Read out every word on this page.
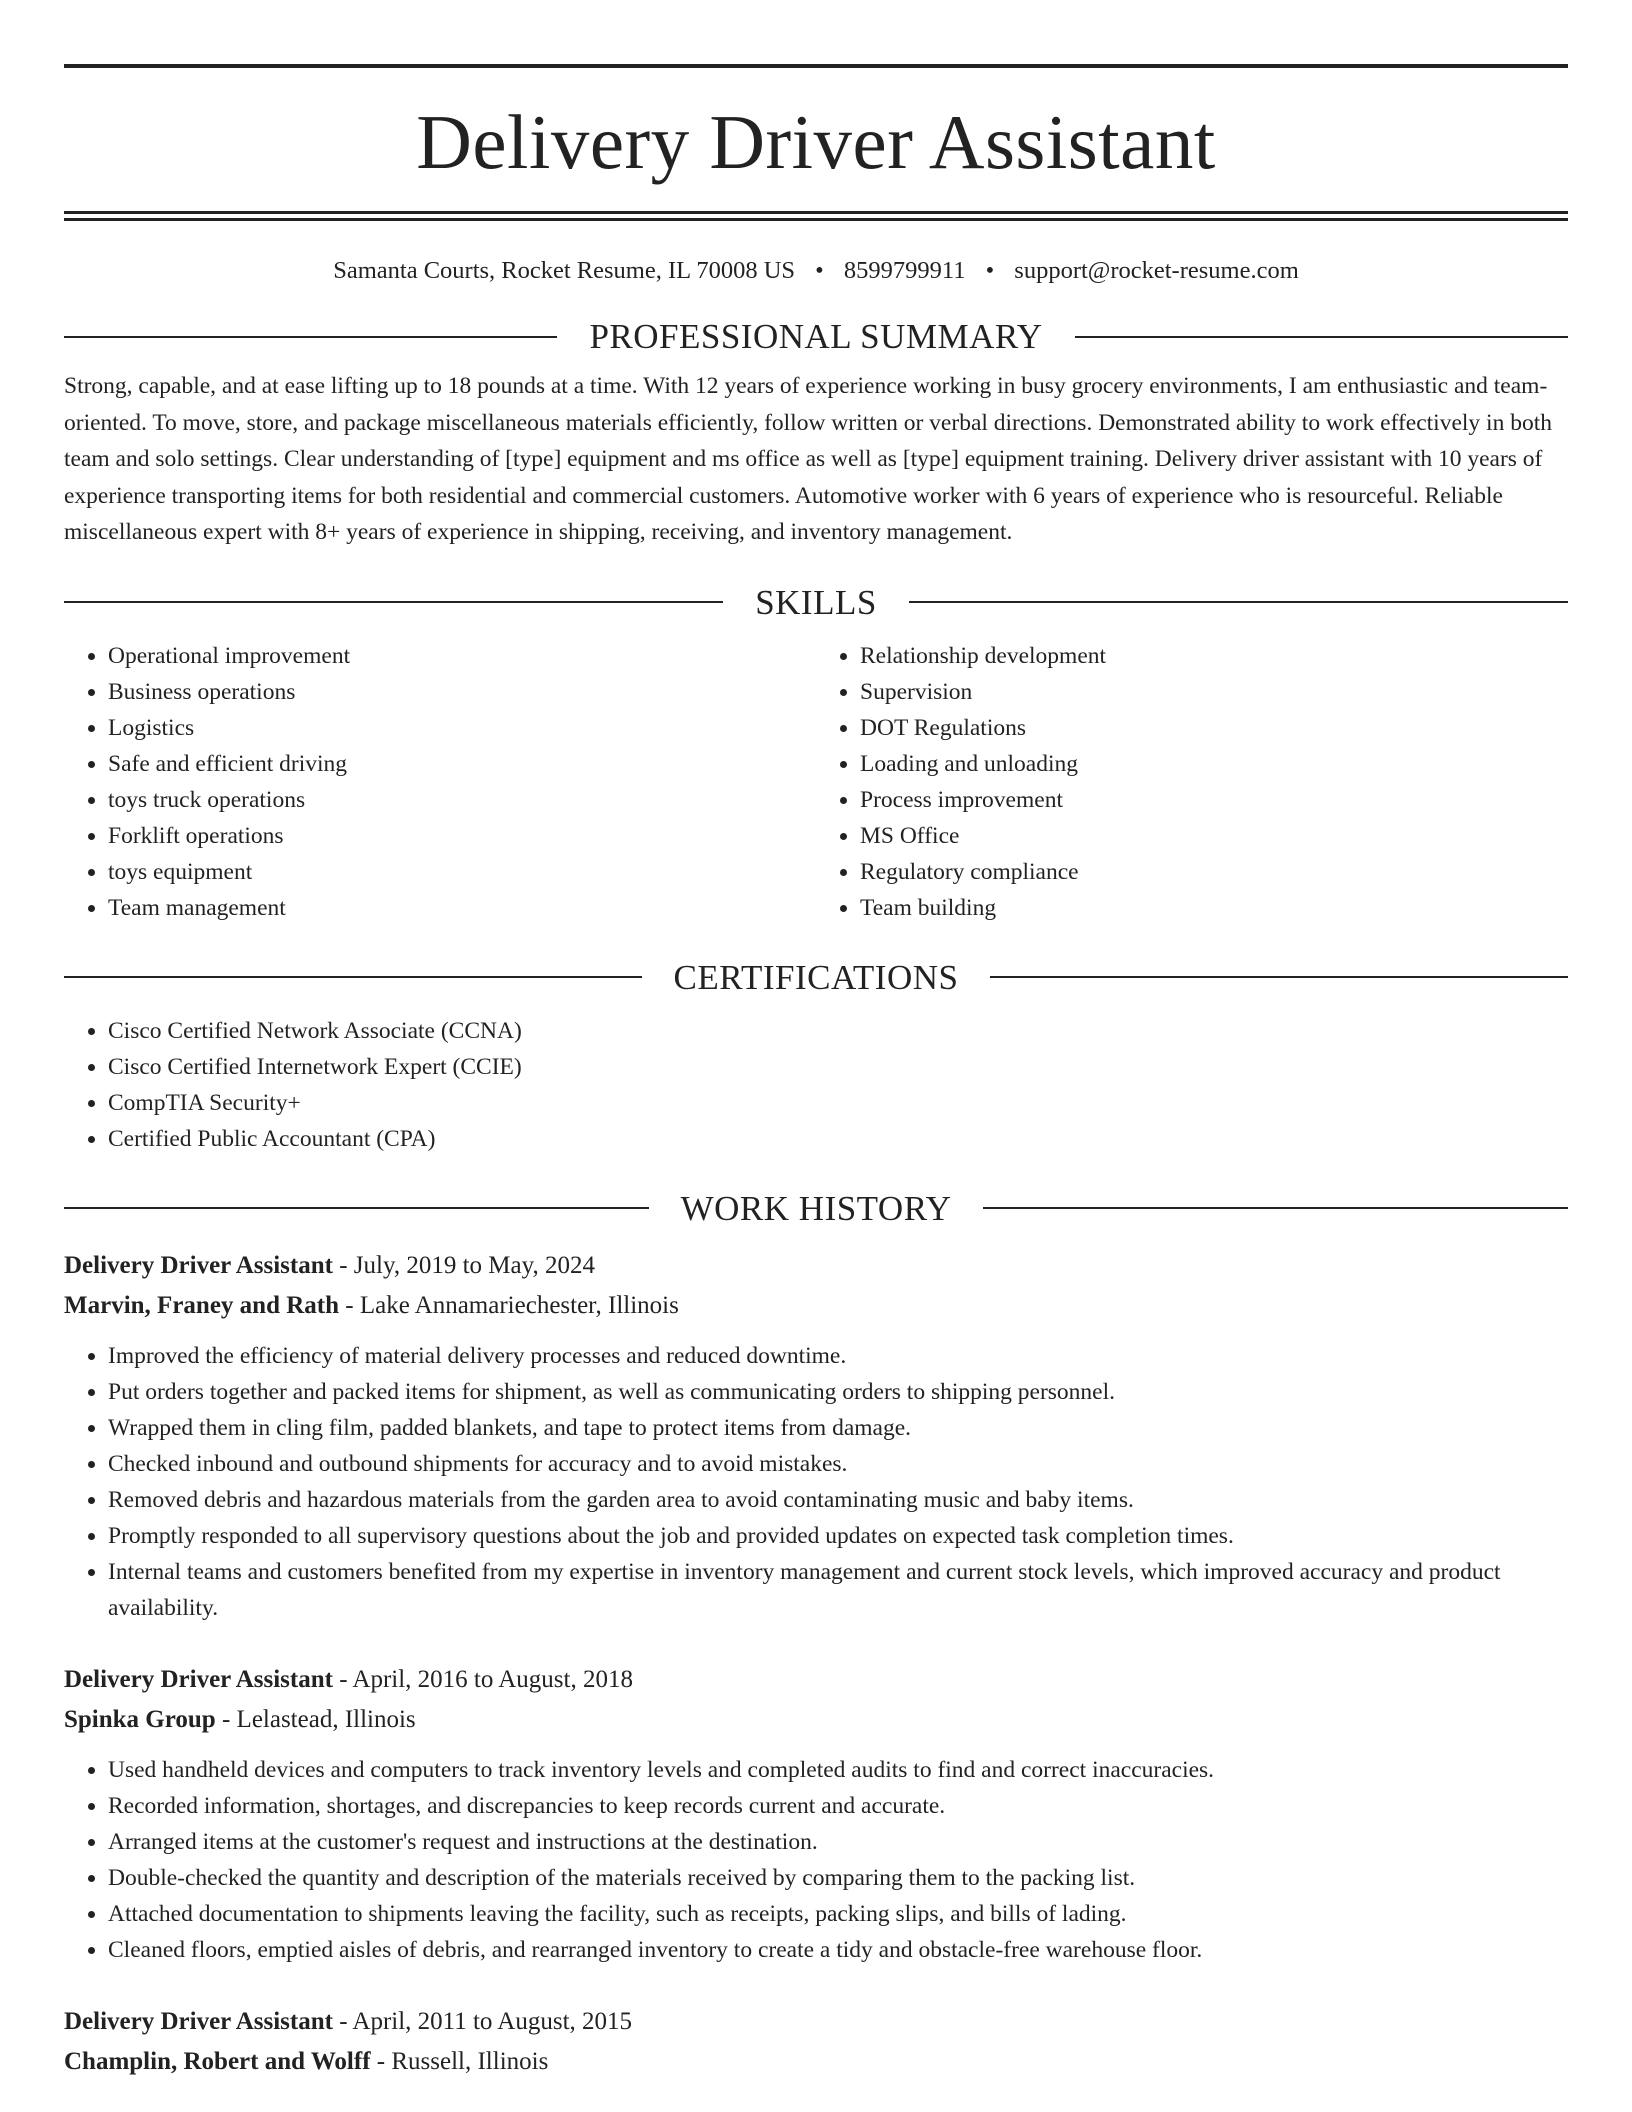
Delivery Driver Assistant
Samanta Courts, Rocket Resume, IL 70008 US • 8599799911 • support@rocket-resume.com
PROFESSIONAL SUMMARY
Strong, capable, and at ease lifting up to 18 pounds at a time. With 12 years of experience working in busy grocery environments, I am enthusiastic and team-oriented. To move, store, and package miscellaneous materials efficiently, follow written or verbal directions. Demonstrated ability to work effectively in both team and solo settings. Clear understanding of [type] equipment and ms office as well as [type] equipment training. Delivery driver assistant with 10 years of experience transporting items for both residential and commercial customers. Automotive worker with 6 years of experience who is resourceful. Reliable miscellaneous expert with 8+ years of experience in shipping, receiving, and inventory management.
SKILLS
• Operational improvement
• Business operations
• Logistics
• Safe and efficient driving
• toys truck operations
• Forklift operations
• toys equipment
• Team management
• Relationship development
• Supervision
• DOT Regulations
• Loading and unloading
• Process improvement
• MS Office
• Regulatory compliance
• Team building
CERTIFICATIONS
• Cisco Certified Network Associate (CCNA)
• Cisco Certified Internetwork Expert (CCIE)
• CompTIA Security+
• Certified Public Accountant (CPA)
WORK HISTORY
Delivery Driver Assistant - July, 2019 to May, 2024
Marvin, Franey and Rath - Lake Annamariechester, Illinois
• Improved the efficiency of material delivery processes and reduced downtime.
• Put orders together and packed items for shipment, as well as communicating orders to shipping personnel.
• Wrapped them in cling film, padded blankets, and tape to protect items from damage.
• Checked inbound and outbound shipments for accuracy and to avoid mistakes.
• Removed debris and hazardous materials from the garden area to avoid contaminating music and baby items.
• Promptly responded to all supervisory questions about the job and provided updates on expected task completion times.
• Internal teams and customers benefited from my expertise in inventory management and current stock levels, which improved accuracy and product availability.
Delivery Driver Assistant - April, 2016 to August, 2018
Spinka Group - Lelastead, Illinois
• Used handheld devices and computers to track inventory levels and completed audits to find and correct inaccuracies.
• Recorded information, shortages, and discrepancies to keep records current and accurate.
• Arranged items at the customer's request and instructions at the destination.
• Double-checked the quantity and description of the materials received by comparing them to the packing list.
• Attached documentation to shipments leaving the facility, such as receipts, packing slips, and bills of lading.
• Cleaned floors, emptied aisles of debris, and rearranged inventory to create a tidy and obstacle-free warehouse floor.
Delivery Driver Assistant - April, 2011 to August, 2015
Champlin, Robert and Wolff - Russell, Illinois
